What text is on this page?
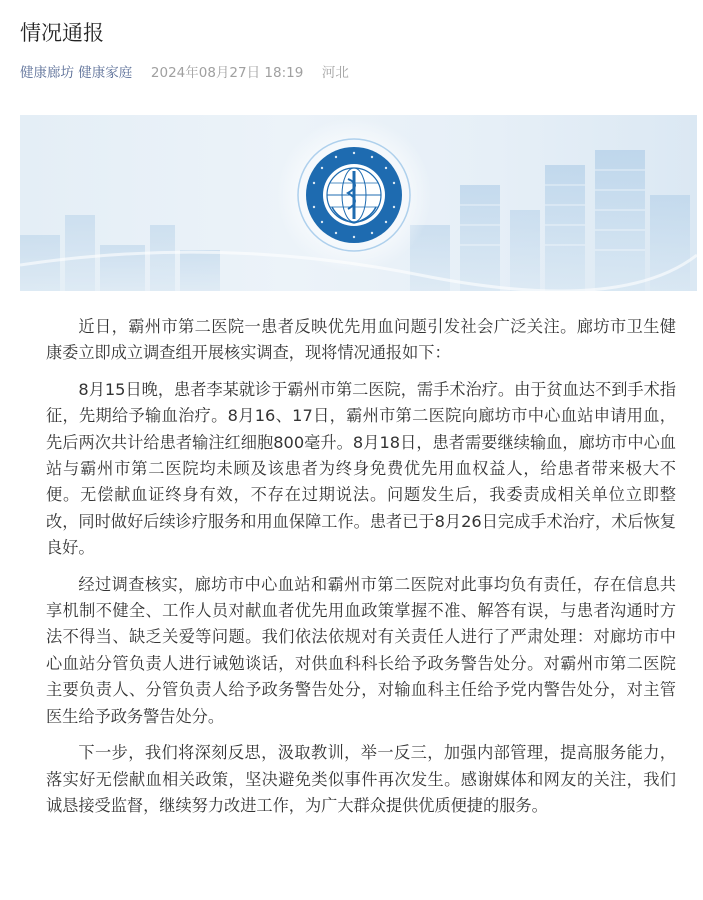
情况通报
健康廊坊 健康家庭 2024年08月27日 18:19 河北

近日，霸州市第二医院一患者反映优先用血问题引发社会广泛关注。廊坊市卫生健康委立即成立调查组开展核实调查，现将情况通报如下：

8月15日晚，患者李某就诊于霸州市第二医院，需手术治疗。由于贫血达不到手术指征，先期给予输血治疗。8月16、17日，霸州市第二医院向廊坊市中心血站申请用血，先后两次共计给患者输注红细胞800毫升。8月18日，患者需要继续输血，廊坊市中心血站与霸州市第二医院均未顾及该患者为终身免费优先用血权益人，给患者带来极大不便。无偿献血证终身有效，不存在过期说法。问题发生后，我委责成相关单位立即整改，同时做好后续诊疗服务和用血保障工作。患者已于8月26日完成手术治疗，术后恢复良好。

经过调查核实，廊坊市中心血站和霸州市第二医院对此事均负有责任，存在信息共享机制不健全、工作人员对献血者优先用血政策掌握不准、解答有误，与患者沟通时方法不得当、缺乏关爱等问题。我们依法依规对有关责任人进行了严肃处理：对廊坊市中心血站分管负责人进行诫勉谈话，对供血科科长给予政务警告处分。对霸州市第二医院主要负责人、分管负责人给予政务警告处分，对输血科主任给予党内警告处分，对主管医生给予政务警告处分。

下一步，我们将深刻反思，汲取教训，举一反三，加强内部管理，提高服务能力，落实好无偿献血相关政策，坚决避免类似事件再次发生。感谢媒体和网友的关注，我们诚恳接受监督，继续努力改进工作，为广大群众提供优质便捷的服务。
